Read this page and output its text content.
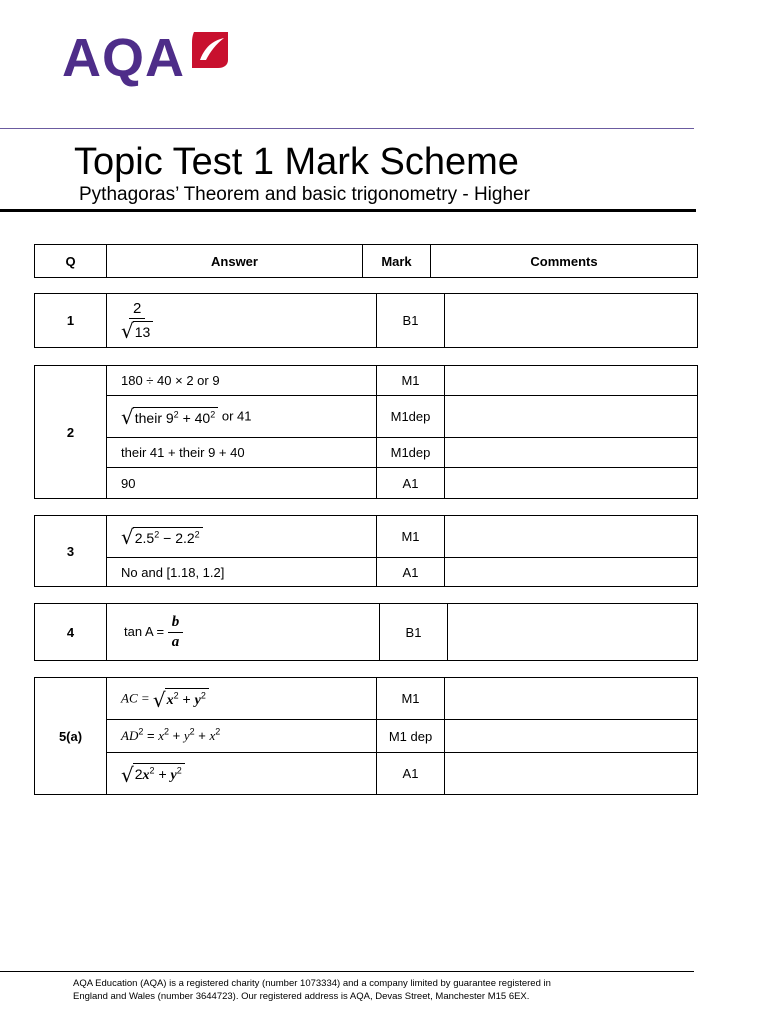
AQA
Topic Test 1 Mark Scheme
Pythagoras’ Theorem and basic trigonometry - Higher
Q	Answer	Mark	Comments
1	$\frac{2}{√ 13}$	B1	
2	180 ÷ 40 × 2 or 9	M1	

	√ their $9^2 + 40^2$ or 41	M1dep	
	their 41 + their 9 + 40	M1dep	
	90	A1	
3	√ $2.5^2 - 2.2^2$	M1	
	No and [1.18, 1.2]	A1	
4	$\tan A = \frac{b}{a}$	B1	
5(a)	AC = √ $x^2 + y^2$	M1	
	$AD^2 = x^2 + y^2 + x^2$	M1 dep	

	√ $2x^2 + y^2$	A1	
AQA Education (AQA) is a registered charity (number 1073334) and a company limited by guarantee registered in
England and Wales (number 3644723). Our registered address is AQA, Devas Street, Manchester M15 6EX.
